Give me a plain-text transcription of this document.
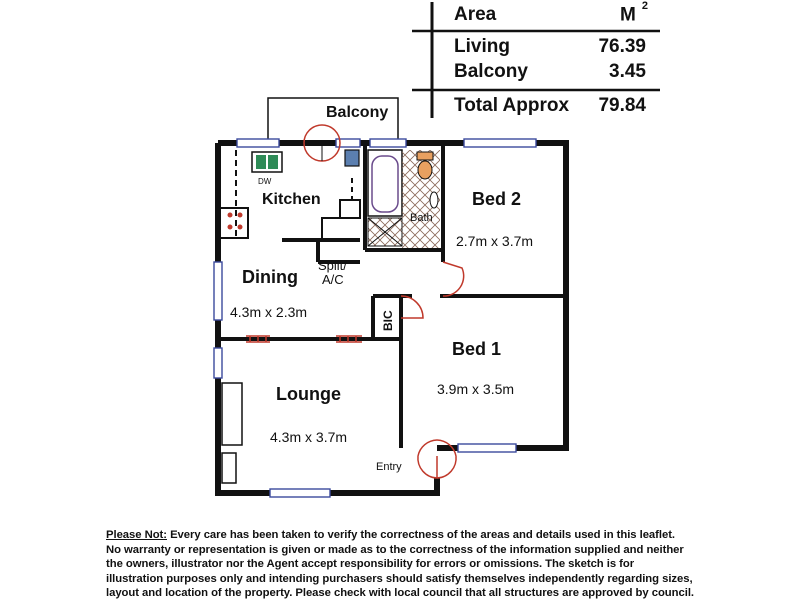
Area	M $^2$
Living	76.39
Balcony	3.45
Total Approx 79.84
Balcony
DW
Kitchen
Bath
Bed 2
2.7m x 3.7m
Dining
Split/
A/C
4.3m x 2.3m	BIC
Bed 1
3.9m x 3.5m
Lounge
4.3m x 3.7m
Entry
Please Not: Every care has been taken to verify the correctness of the areas and details used in this leaflet.
No warranty or representation is given or made as to the correctness of the information supplied and neither
the owners, illustrator nor the Agent accept responsibility for errors or omissions. The sketch is for
illustration purposes only and intending purchasers should satisfy themselves independently regarding sizes,
layout and location of the property. Please check with local council that all structures are approved by council.
